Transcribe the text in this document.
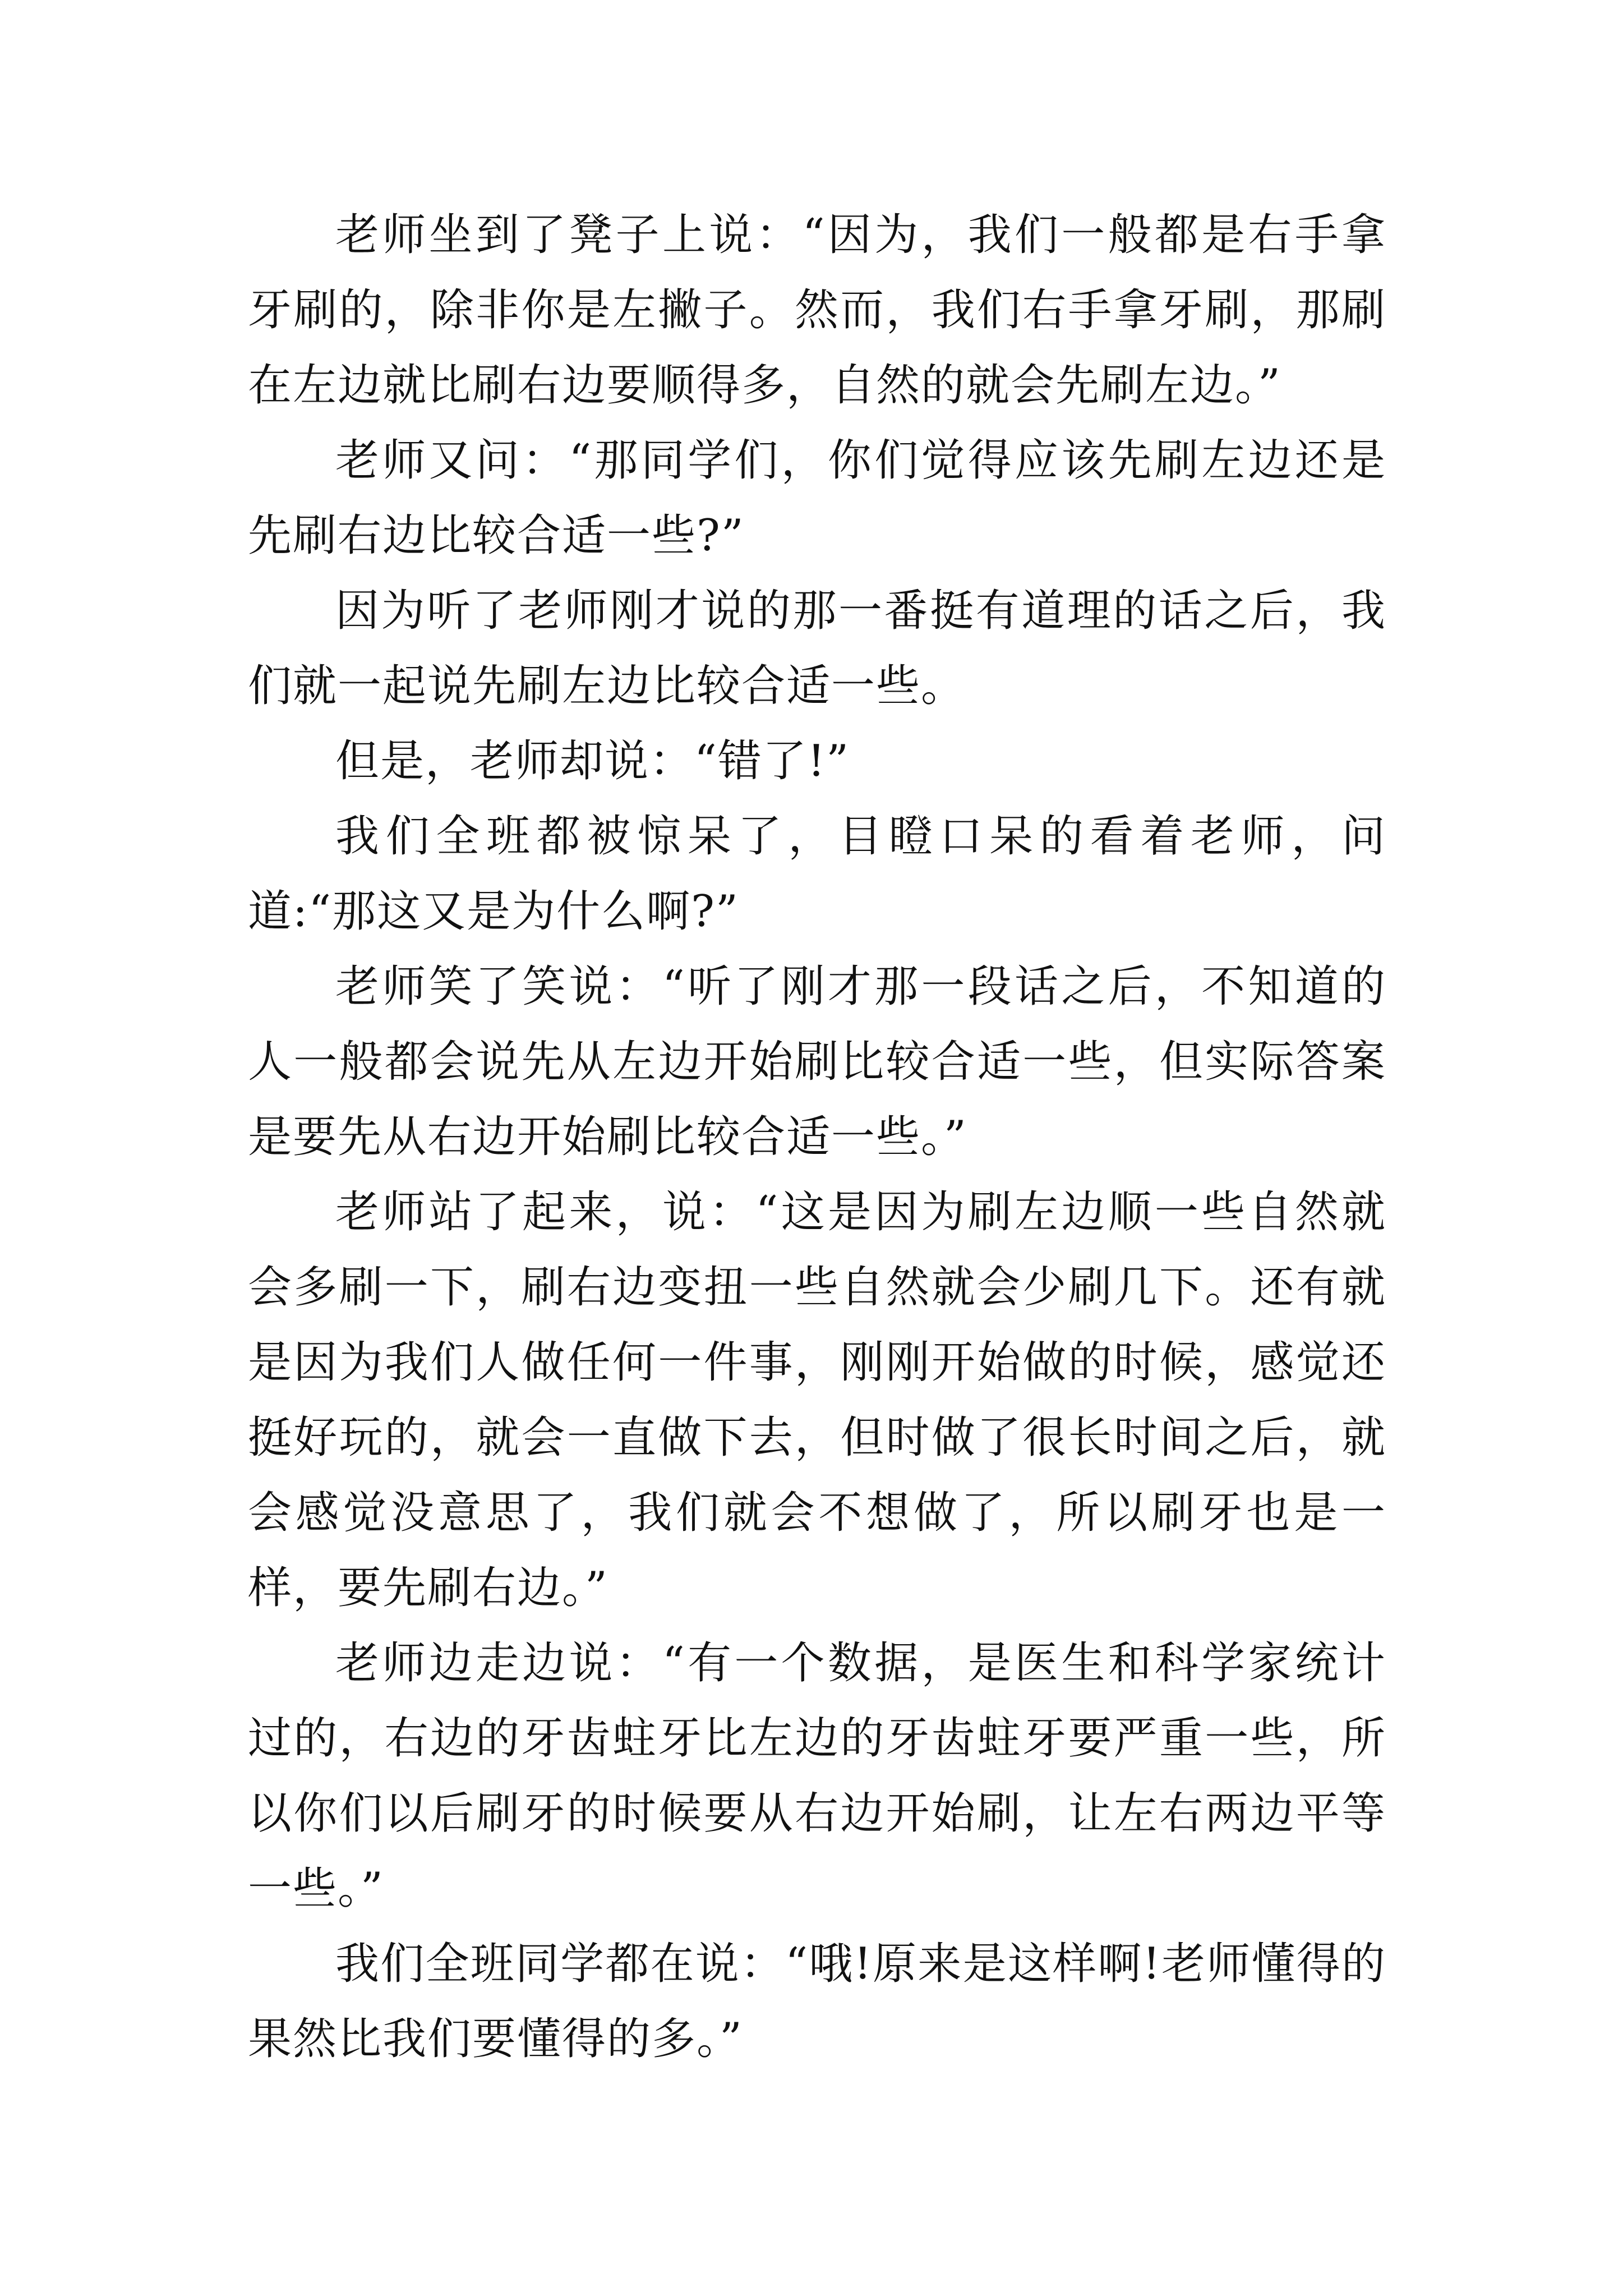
老师坐到了凳子上说：“因为，我们一般都是右手拿牙刷的，除非你是左撇子。然而，我们右手拿牙刷，那刷在左边就比刷右边要顺得多，自然的就会先刷左边。”

老师又问：“那同学们，你们觉得应该先刷左边还是先刷右边比较合适一些?”

因为听了老师刚才说的那一番挺有道理的话之后，我们就一起说先刷左边比较合适一些。

但是，老师却说：“错了!”

我们全班都被惊呆了，目瞪口呆的看着老师，问道:“那这又是为什么啊?”

老师笑了笑说：“听了刚才那一段话之后，不知道的人一般都会说先从左边开始刷比较合适一些，但实际答案是要先从右边开始刷比较合适一些。”

老师站了起来，说：“这是因为刷左边顺一些自然就会多刷一下，刷右边变扭一些自然就会少刷几下。还有就是因为我们人做任何一件事，刚刚开始做的时候，感觉还挺好玩的，就会一直做下去，但时做了很长时间之后，就会感觉没意思了，我们就会不想做了，所以刷牙也是一样，要先刷右边。”

老师边走边说：“有一个数据，是医生和科学家统计过的，右边的牙齿蛀牙比左边的牙齿蛀牙要严重一些，所以你们以后刷牙的时候要从右边开始刷，让左右两边平等一些。”

我们全班同学都在说：“哦!原来是这样啊!老师懂得的果然比我们要懂得的多。”
